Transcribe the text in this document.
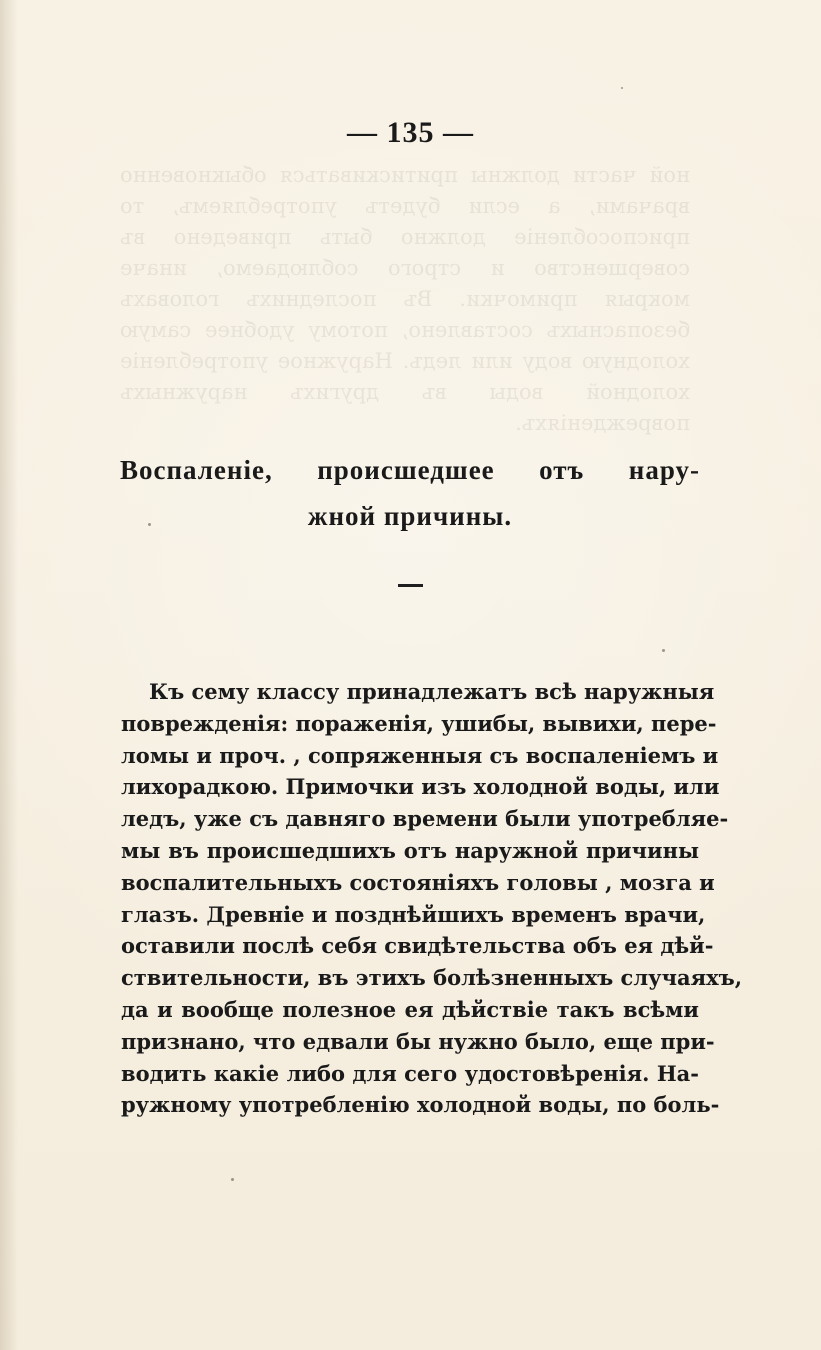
ной части должны притискиваться обыкновенно врачами, а если будетъ употребляемъ, то приспособленіе должно быть приведено въ совершенство и строго соблюдаемо, иначе мокрыя примочки. Въ последнихъ головахъ безопасныхъ составлено, потому удобнее самую холодную воду или ледъ. Наружное употребленіе холодной воды въ другихъ наружныхъ поврежденіяхъ.
— 135 —
Воспаленіе, происшедшее отъ нару-
жной причины.
Къ сему классу принадлежатъ всѣ наружныя
поврежденія: пораженія, ушибы, вывихи, пере-
ломы и проч. , сопряженныя съ воспаленіемъ и
лихорадкою. Примочки изъ холодной воды, или
ледъ, уже съ давняго времени были употребляе-
мы въ происшедшихъ отъ наружной причины
воспалительныхъ состояніяхъ головы , мозга и
глазъ. Древніе и позднѣйшихъ временъ врачи,
оставили послѣ себя свидѣтельства объ ея дѣй-
ствительности, въ этихъ болѣзненныхъ случаяхъ,
да и вообще полезное ея дѣйствіе такъ всѣми
признано, что едвали бы нужно было, еще при-
водить какіе либо для сего удостовѣренія. На-
ружному употребленію холодной воды, по боль-
